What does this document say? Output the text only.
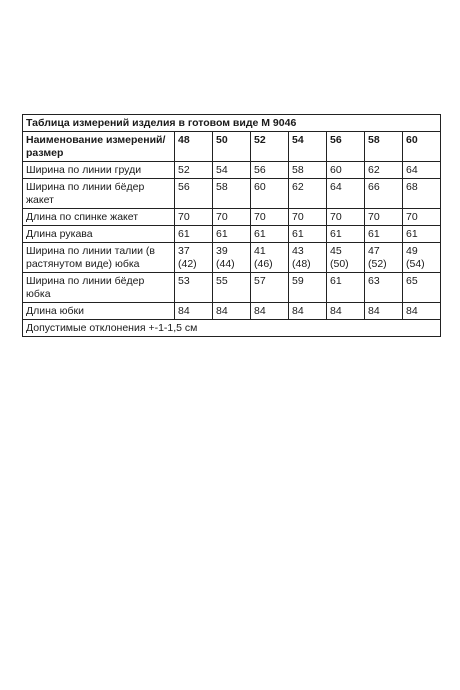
Таблица измерений изделия в готовом виде М 9046							
Наименование измерений/размер	48	50	52	54	56	58	60
Ширина по линии груди	52	54	56	58	60	62	64
Ширина по линии бёдер жакет	56	58	60	62	64	66	68
Длина по спинке жакет	70	70	70	70	70	70	70
Длина рукава	61	61	61	61	61	61	61
Ширина по линии талии (в растянутом виде) юбка	37 (42)	39 (44)	41 (46)	43 (48)	45 (50)	47 (52)	49 (54)
Ширина по линии бёдер юбка	53	55	57	59	61	63	65
Длина юбки	84	84	84	84	84	84	84
Допустимые отклонения +-1-1,5 см							
